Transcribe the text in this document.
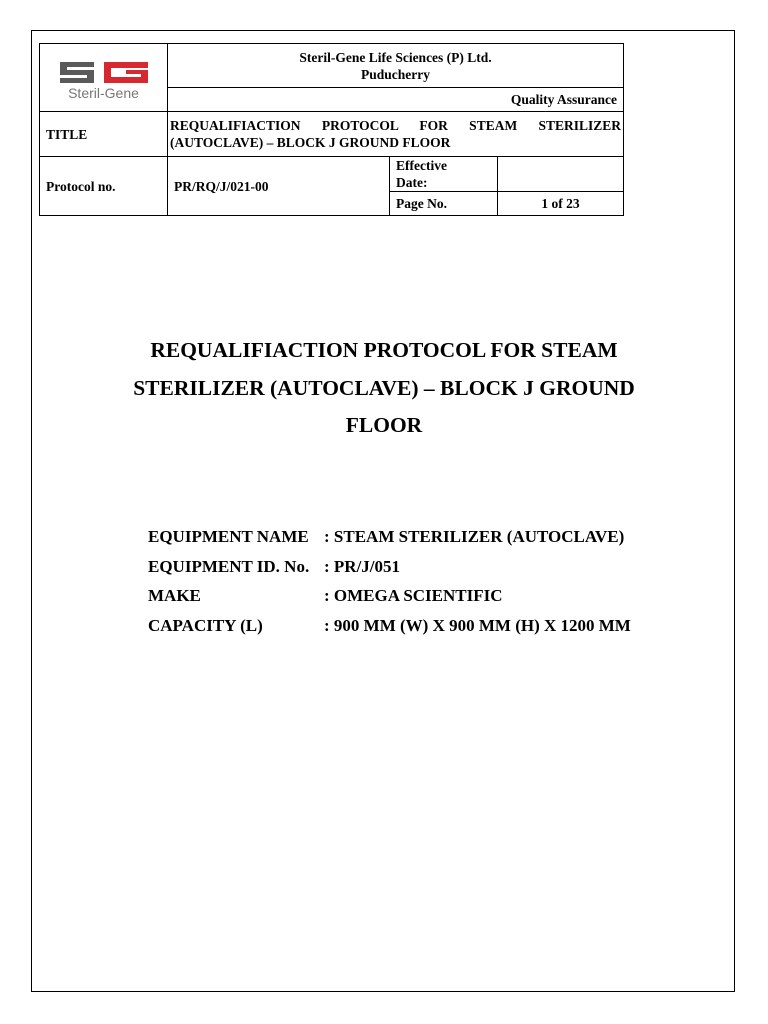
Steril-Gene	Steril-Gene Life Sciences (P) Ltd.
Puducherry		

	Quality Assurance		
TITLE	REQUALIFIACTION PROTOCOL FOR STEAM STERILIZER
(AUTOCLAVE) – BLOCK J GROUND FLOOR		

Protocol no.	PR/RQ/J/021-00	Effective
Date:	

		Page No.	1 of 23
REQUALIFIACTION PROTOCOL FOR STEAM
STERILIZER (AUTOCLAVE) – BLOCK J GROUND
FLOOR
EQUIPMENT NAME : STEAM STERILIZER (AUTOCLAVE)
EQUIPMENT ID. No. : PR/J/051
MAKE	: OMEGA SCIENTIFIC
CAPACITY (L)	: 900 MM (W) X 900 MM (H) X 1200 MM
